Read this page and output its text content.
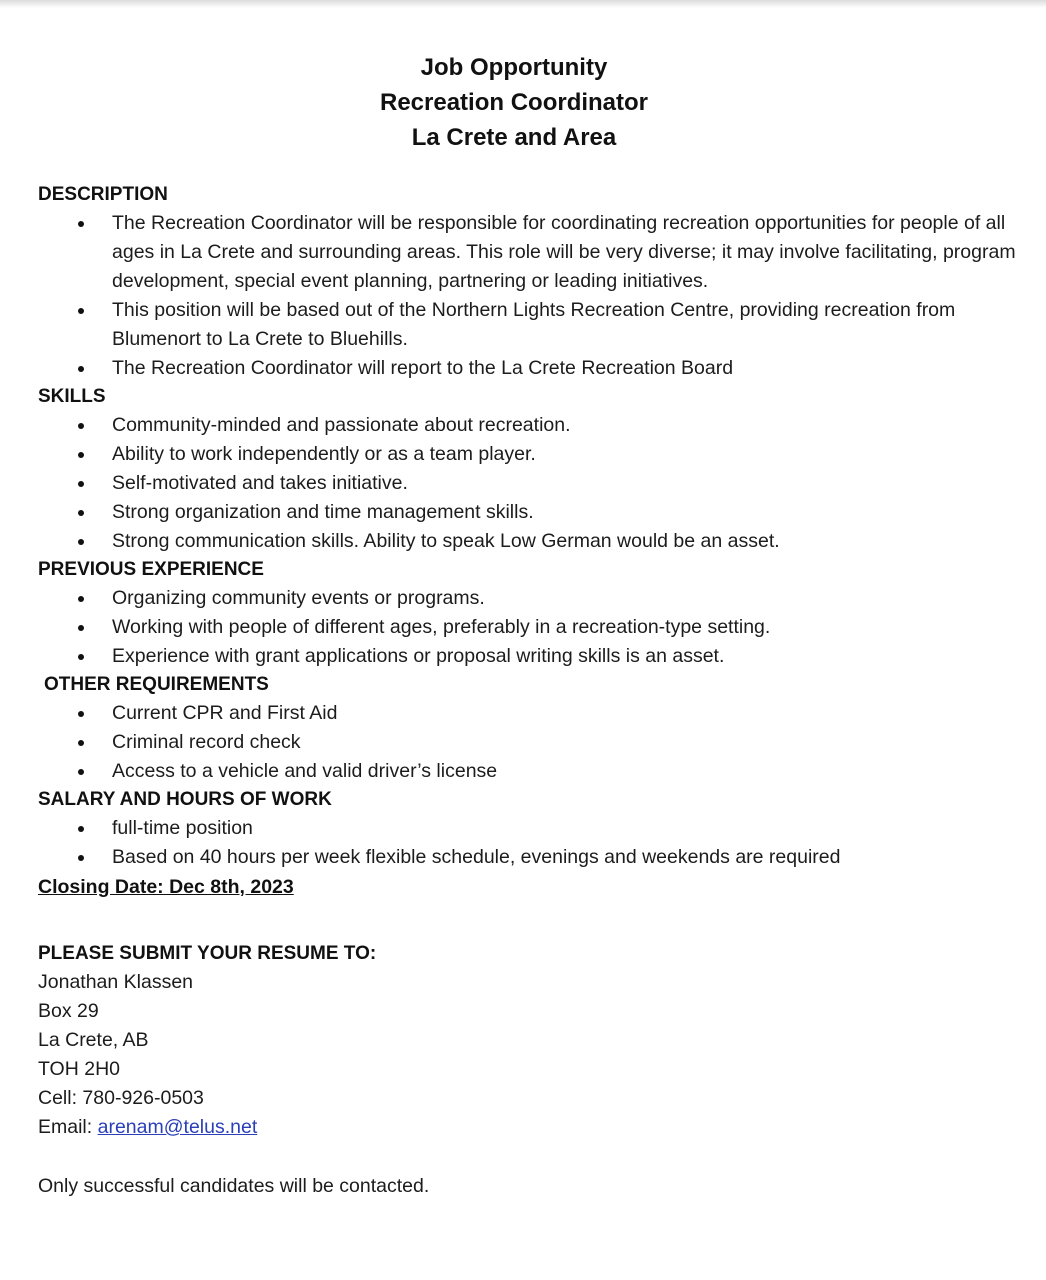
Job Opportunity
Recreation Coordinator
La Crete and Area
DESCRIPTION
The Recreation Coordinator will be responsible for coordinating recreation opportunities for people of all ages in La Crete and surrounding areas. This role will be very diverse; it may involve facilitating, program development, special event planning, partnering or leading initiatives.
This position will be based out of the Northern Lights Recreation Centre, providing recreation from Blumenort to La Crete to Bluehills.
The Recreation Coordinator will report to the La Crete Recreation Board
SKILLS
Community-minded and passionate about recreation.
Ability to work independently or as a team player.
Self-motivated and takes initiative.
Strong organization and time management skills.
Strong communication skills. Ability to speak Low German would be an asset.
PREVIOUS EXPERIENCE
Organizing community events or programs.
Working with people of different ages, preferably in a recreation-type setting.
Experience with grant applications or proposal writing skills is an asset.
OTHER REQUIREMENTS
Current CPR and First Aid
Criminal record check
Access to a vehicle and valid driver’s license
SALARY AND HOURS OF WORK
full-time position
Based on 40 hours per week flexible schedule, evenings and weekends are required
Closing Date: Dec 8th, 2023
PLEASE SUBMIT YOUR RESUME TO:
Jonathan Klassen
Box 29
La Crete, AB
TOH 2H0
Cell: 780-926-0503
Email: arenam@telus.net
Only successful candidates will be contacted.
